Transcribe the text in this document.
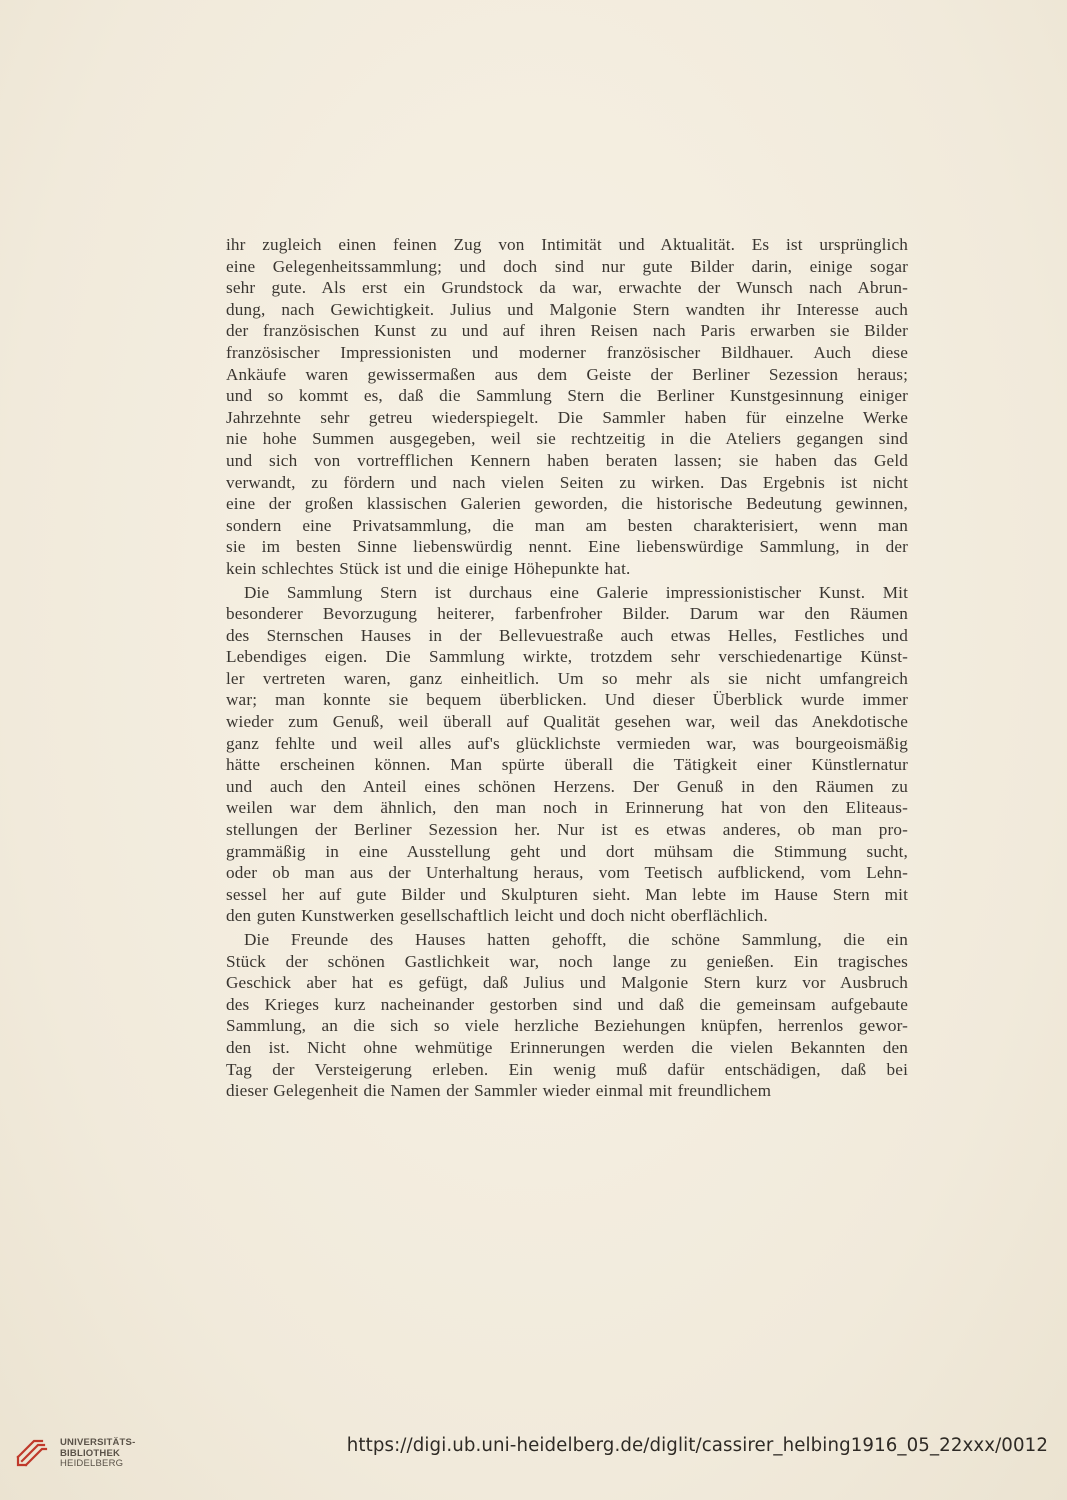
ihr zugleich einen feinen Zug von Intimität und Aktualität. Es ist ursprünglich
eine Gelegenheitssammlung; und doch sind nur gute Bilder darin, einige sogar
sehr gute. Als erst ein Grundstock da war, erwachte der Wunsch nach Abrun-
dung, nach Gewichtigkeit. Julius und Malgonie Stern wandten ihr Interesse auch
der französischen Kunst zu und auf ihren Reisen nach Paris erwarben sie Bilder
französischer Impressionisten und moderner französischer Bildhauer. Auch diese
Ankäufe waren gewissermaßen aus dem Geiste der Berliner Sezession heraus;
und so kommt es, daß die Sammlung Stern die Berliner Kunstgesinnung einiger
Jahrzehnte sehr getreu wiederspiegelt. Die Sammler haben für einzelne Werke
nie hohe Summen ausgegeben, weil sie rechtzeitig in die Ateliers gegangen sind
und sich von vortrefflichen Kennern haben beraten lassen; sie haben das Geld
verwandt, zu fördern und nach vielen Seiten zu wirken. Das Ergebnis ist nicht
eine der großen klassischen Galerien geworden, die historische Bedeutung gewinnen,
sondern eine Privatsammlung, die man am besten charakterisiert, wenn man
sie im besten Sinne liebenswürdig nennt. Eine liebenswürdige Sammlung, in der
kein schlechtes Stück ist und die einige Höhepunkte hat.
Die Sammlung Stern ist durchaus eine Galerie impressionistischer Kunst. Mit
besonderer Bevorzugung heiterer, farbenfroher Bilder. Darum war den Räumen
des Sternschen Hauses in der Bellevuestraße auch etwas Helles, Festliches und
Lebendiges eigen. Die Sammlung wirkte, trotzdem sehr verschiedenartige Künst-
ler vertreten waren, ganz einheitlich. Um so mehr als sie nicht umfangreich
war; man konnte sie bequem überblicken. Und dieser Überblick wurde immer
wieder zum Genuß, weil überall auf Qualität gesehen war, weil das Anekdotische
ganz fehlte und weil alles auf's glücklichste vermieden war, was bourgeoismäßig
hätte erscheinen können. Man spürte überall die Tätigkeit einer Künstlernatur
und auch den Anteil eines schönen Herzens. Der Genuß in den Räumen zu
weilen war dem ähnlich, den man noch in Erinnerung hat von den Eliteaus-
stellungen der Berliner Sezession her. Nur ist es etwas anderes, ob man pro-
grammäßig in eine Ausstellung geht und dort mühsam die Stimmung sucht,
oder ob man aus der Unterhaltung heraus, vom Teetisch aufblickend, vom Lehn-
sessel her auf gute Bilder und Skulpturen sieht. Man lebte im Hause Stern mit
den guten Kunstwerken gesellschaftlich leicht und doch nicht oberflächlich.
Die Freunde des Hauses hatten gehofft, die schöne Sammlung, die ein
Stück der schönen Gastlichkeit war, noch lange zu genießen. Ein tragisches
Geschick aber hat es gefügt, daß Julius und Malgonie Stern kurz vor Ausbruch
des Krieges kurz nacheinander gestorben sind und daß die gemeinsam aufgebaute
Sammlung, an die sich so viele herzliche Beziehungen knüpfen, herrenlos gewor-
den ist. Nicht ohne wehmütige Erinnerungen werden die vielen Bekannten den
Tag der Versteigerung erleben. Ein wenig muß dafür entschädigen, daß bei
dieser Gelegenheit die Namen der Sammler wieder einmal mit freundlichem
UNIVERSITÄTS-
BIBLIOTHEK
HEIDELBERG
https://digi.ub.uni-heidelberg.de/diglit/cassirer_helbing1916_05_22xxx/0012
